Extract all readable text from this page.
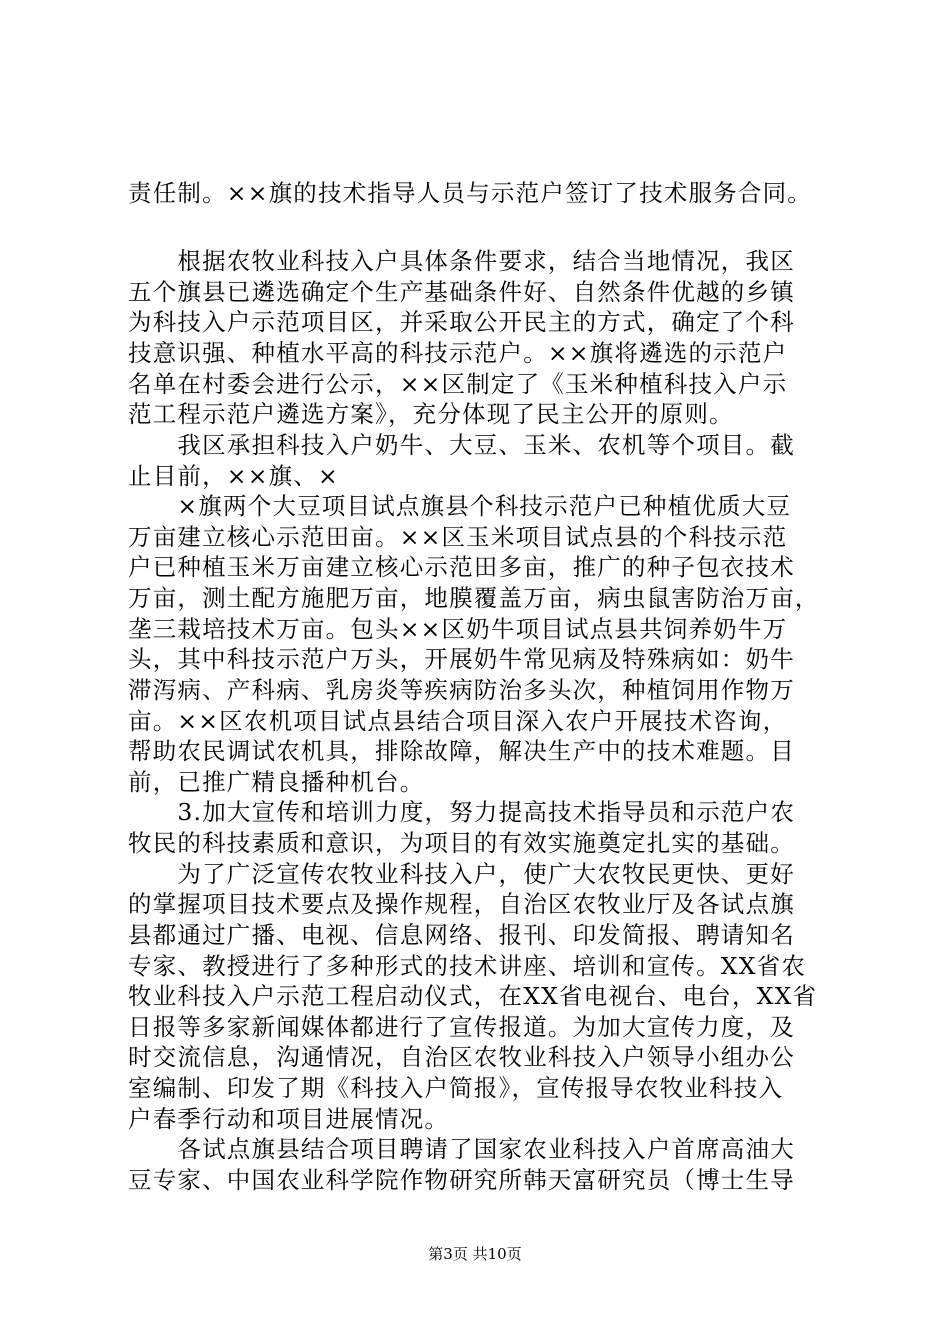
责任制。××旗的技术指导人员与示范户签订了技术服务合同。
　　根据农牧业科技入户具体条件要求，结合当地情况，我区
五个旗县已遴选确定个生产基础条件好、自然条件优越的乡镇
为科技入户示范项目区，并采取公开民主的方式，确定了个科
技意识强、种植水平高的科技示范户。××旗将遴选的示范户
名单在村委会进行公示，××区制定了《玉米种植科技入户示
范工程示范户遴选方案》，充分体现了民主公开的原则。
　　我区承担科技入户奶牛、大豆、玉米、农机等个项目。截
止目前，××旗、×
　　×旗两个大豆项目试点旗县个科技示范户已种植优质大豆
万亩建立核心示范田亩。××区玉米项目试点县的个科技示范
户已种植玉米万亩建立核心示范田多亩，推广的种子包衣技术
万亩，测土配方施肥万亩，地膜覆盖万亩，病虫鼠害防治万亩，
垄三栽培技术万亩。包头××区奶牛项目试点县共饲养奶牛万
头，其中科技示范户万头，开展奶牛常见病及特殊病如：奶牛
滞泻病、产科病、乳房炎等疾病防治多头次，种植饲用作物万
亩。××区农机项目试点县结合项目深入农户开展技术咨询，
帮助农民调试农机具，排除故障，解决生产中的技术难题。目
前，已推广精良播种机台。
　　3.加大宣传和培训力度，努力提高技术指导员和示范户农
牧民的科技素质和意识，为项目的有效实施奠定扎实的基础。
　　为了广泛宣传农牧业科技入户，使广大农牧民更快、更好
的掌握项目技术要点及操作规程，自治区农牧业厅及各试点旗
县都通过广播、电视、信息网络、报刊、印发简报、聘请知名
专家、教授进行了多种形式的技术讲座、培训和宣传。XX省农
牧业科技入户示范工程启动仪式，在XX省电视台、电台，XX省
日报等多家新闻媒体都进行了宣传报道。为加大宣传力度，及
时交流信息，沟通情况，自治区农牧业科技入户领导小组办公
室编制、印发了期《科技入户简报》，宣传报导农牧业科技入
户春季行动和项目进展情况。
　　各试点旗县结合项目聘请了国家农业科技入户首席高油大
豆专家、中国农业科学院作物研究所韩天富研究员（博士生导
第3页 共10页
